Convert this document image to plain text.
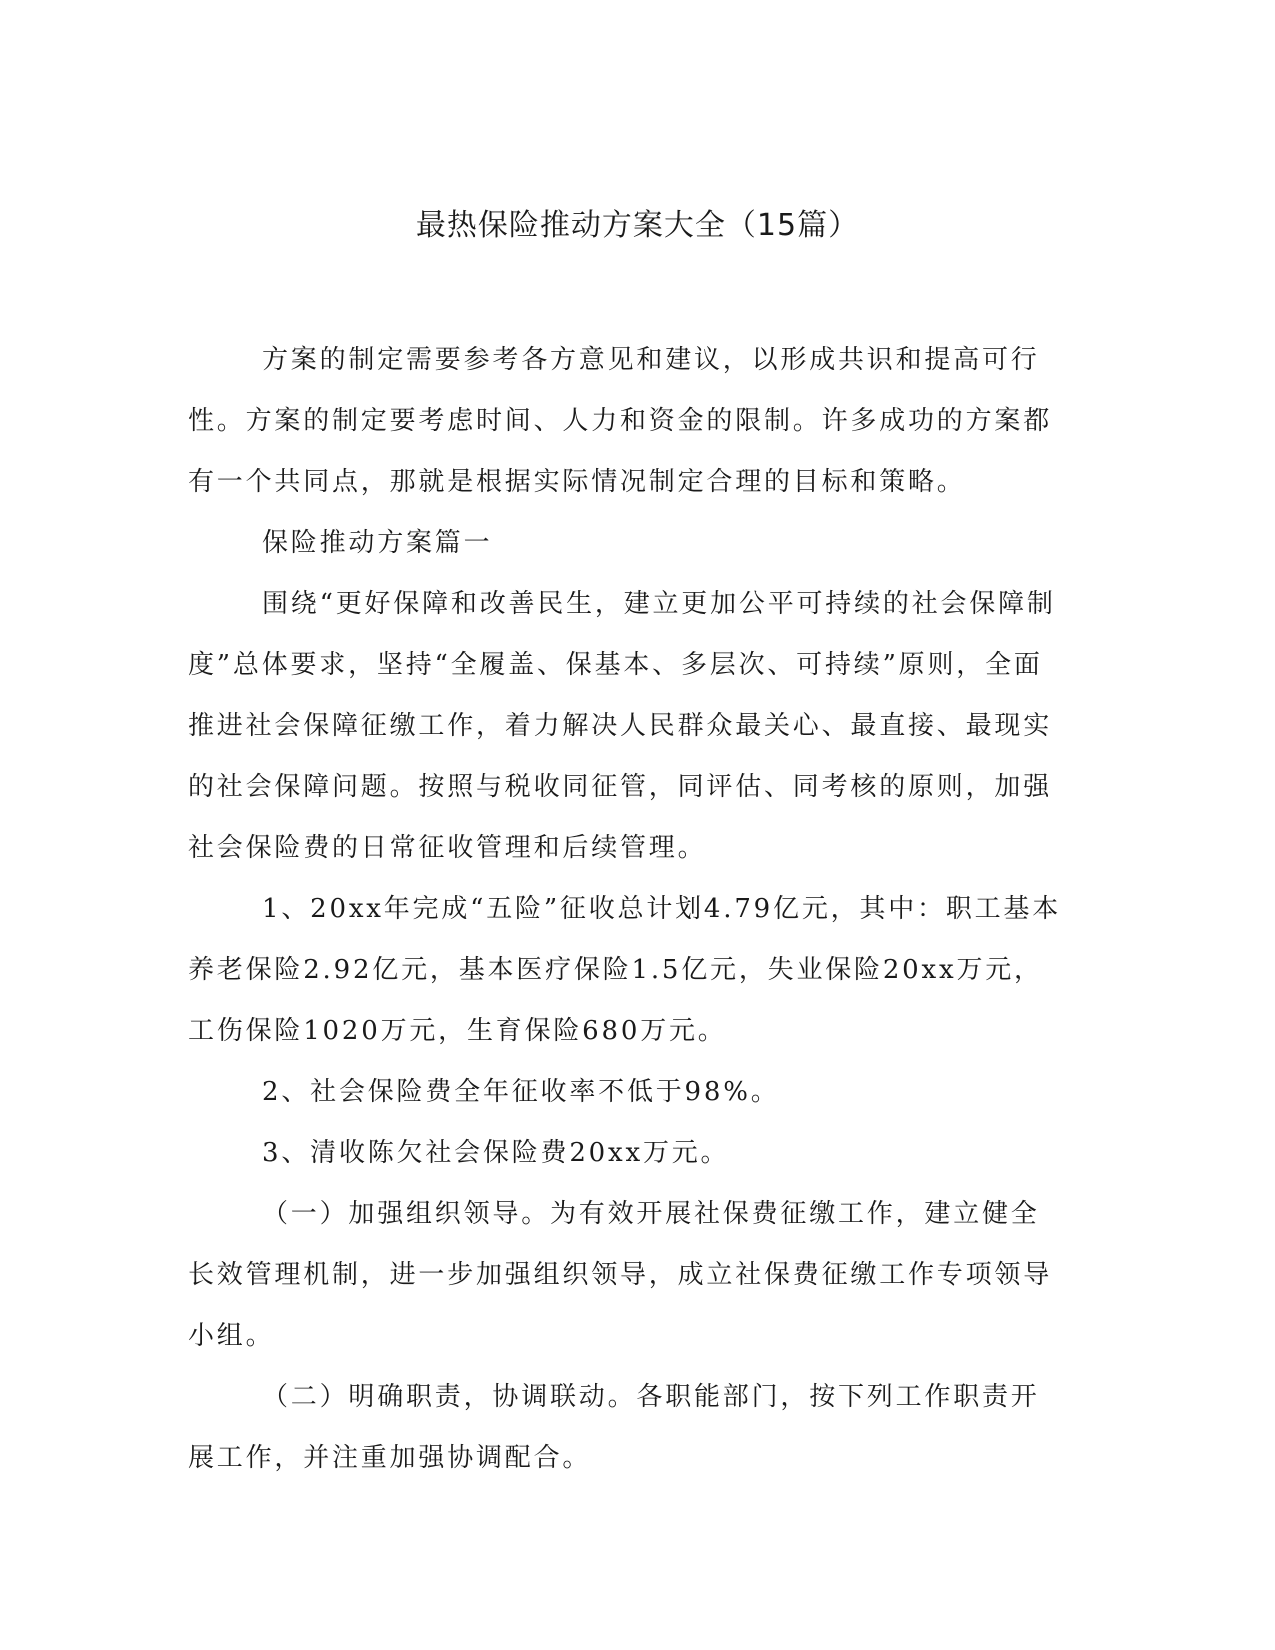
最热保险推动方案大全（15篇）

方案的制定需要参考各方意见和建议，以形成共识和提高可行性。方案的制定要考虑时间、人力和资金的限制。许多成功的方案都有一个共同点，那就是根据实际情况制定合理的目标和策略。

保险推动方案篇一

围绕“更好保障和改善民生，建立更加公平可持续的社会保障制度”总体要求，坚持“全履盖、保基本、多层次、可持续”原则，全面推进社会保障征缴工作，着力解决人民群众最关心、最直接、最现实的社会保障问题。按照与税收同征管，同评估、同考核的原则，加强社会保险费的日常征收管理和后续管理。

1、20xx年完成“五险”征收总计划4.79亿元，其中：职工基本养老保险2.92亿元，基本医疗保险1.5亿元，失业保险20xx万元，工伤保险1020万元，生育保险680万元。

2、社会保险费全年征收率不低于98%。

3、清收陈欠社会保险费20xx万元。

（一）加强组织领导。为有效开展社保费征缴工作，建立健全长效管理机制，进一步加强组织领导，成立社保费征缴工作专项领导小组。

（二）明确职责，协调联动。各职能部门，按下列工作职责开展工作，并注重加强协调配合。
